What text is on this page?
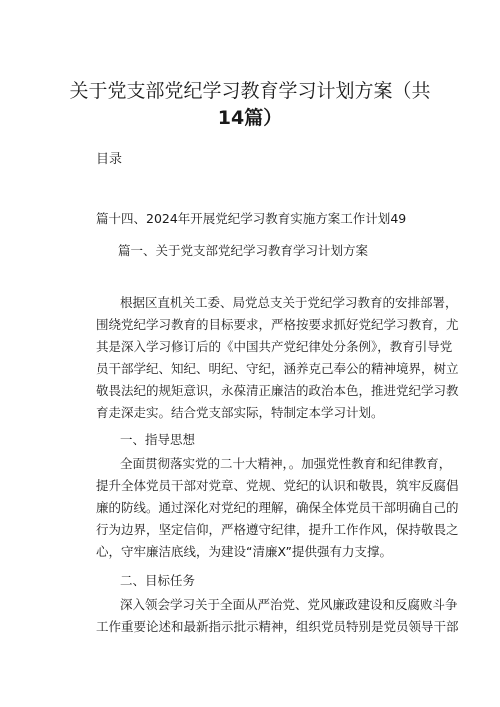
关于党支部党纪学习教育学习计划方案（共
14篇）

目录

篇十四、2024年开展党纪学习教育实施方案工作计划49

篇一、关于党支部党纪学习教育学习计划方案

根据区直机关工委、局党总支关于党纪学习教育的安排部署，
围绕党纪学习教育的目标要求，严格按要求抓好党纪学习教育，尤
其是深入学习修订后的《中国共产党纪律处分条例》，教育引导党
员干部学纪、知纪、明纪、守纪，涵养克己奉公的精神境界，树立
敬畏法纪的规矩意识，永葆清正廉洁的政治本色，推进党纪学习教
育走深走实。结合党支部实际，特制定本学习计划。

一、指导思想

全面贯彻落实党的二十大精神，。加强党性教育和纪律教育，
提升全体党员干部对党章、党规、党纪的认识和敬畏，筑牢反腐倡
廉的防线。通过深化对党纪的理解，确保全体党员干部明确自己的
行为边界，坚定信仰，严格遵守纪律，提升工作作风，保持敬畏之
心，守牢廉洁底线，为建设“清廉X”提供强有力支撑。

二、目标任务

深入领会学习关于全面从严治党、党风廉政建设和反腐败斗争
工作重要论述和最新指示批示精神，组织党员特别是党员领导干部
